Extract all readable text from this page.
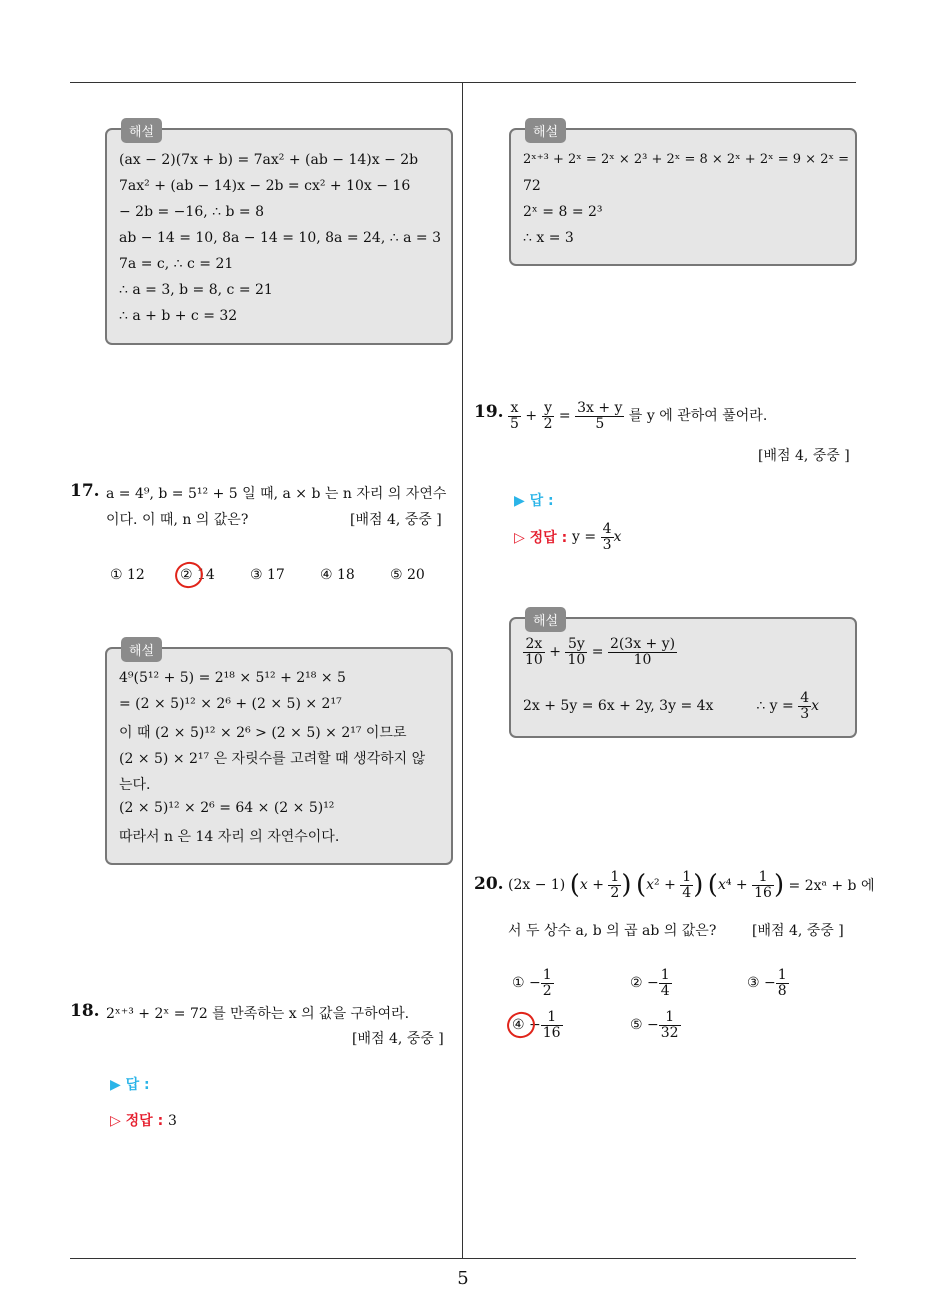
해설
(ax − 2)(7x + b) = 7ax² + (ab − 14)x − 2b
7ax² + (ab − 14)x − 2b = cx² + 10x − 16
− 2b = −16, ∴ b = 8
ab − 14 = 10, 8a − 14 = 10, 8a = 24, ∴ a = 3
7a = c, ∴ c = 21
∴ a = 3, b = 8, c = 21
∴ a + b + c = 32
17. a = 4⁹, b = 5¹² + 5 일 때, a × b 는 n 자리 의 자연수
이다. 이 때, n 의 값은?	[배점 4, 중중 ]
① 12	② 14	③ 17	④ 18	⑤ 20
해설
4⁹(5¹² + 5) = 2¹⁸ × 5¹² + 2¹⁸ × 5
= (2 × 5)¹² × 2⁶ + (2 × 5) × 2¹⁷
이 때 (2 × 5)¹² × 2⁶ > (2 × 5) × 2¹⁷ 이므로
(2 × 5) × 2¹⁷ 은 자릿수를 고려할 때 생각하지 않
는다.
(2 × 5)¹² × 2⁶ = 64 × (2 × 5)¹²
따라서 n 은 14 자리 의 자연수이다.
18. 2ˣ⁺³ + 2ˣ = 72 를 만족하는 x 의 값을 구하여라.
[배점 4, 중중 ]
▶ 답 :
▷ 정답 : 3
해설
2ˣ⁺³ + 2ˣ = 2ˣ × 2³ + 2ˣ = 8 × 2ˣ + 2ˣ = 9 × 2ˣ =
72
2ˣ = 8 = 2³
∴ x = 3
19. $\frac{x}{5} + \frac{y}{2} = \frac{3x + y}{5}$ 를 y 에 관하여 풀어라.
[배점 4, 중중 ]
▶ 답 :
▷ 정답 : $y = \frac{4}{3}$ x
해설
$\frac{2x}{10} + \frac{5y}{10} = \frac{2(3x + y)}{10}$
2x + 5y = 6x + 2y, 3y = 4x	∴ $y = \frac{4}{3}$ x
20. (2x − 1) ($x + \frac{1}{2}$ ) ($x^2 + \frac{1}{4}$ ) ($x^4 + \frac{1}{16}$ ) = 2xᵃ + b 에
서 두 상수 a, b 의 곱 ab 의 값은?	[배점 4, 중중 ]
① − $\frac{1}{2}$	② − $\frac{1}{4}$	③ − $\frac{1}{8}$
④ − $\frac{1}{16}$	⑤ − $\frac{1}{32}$
5
